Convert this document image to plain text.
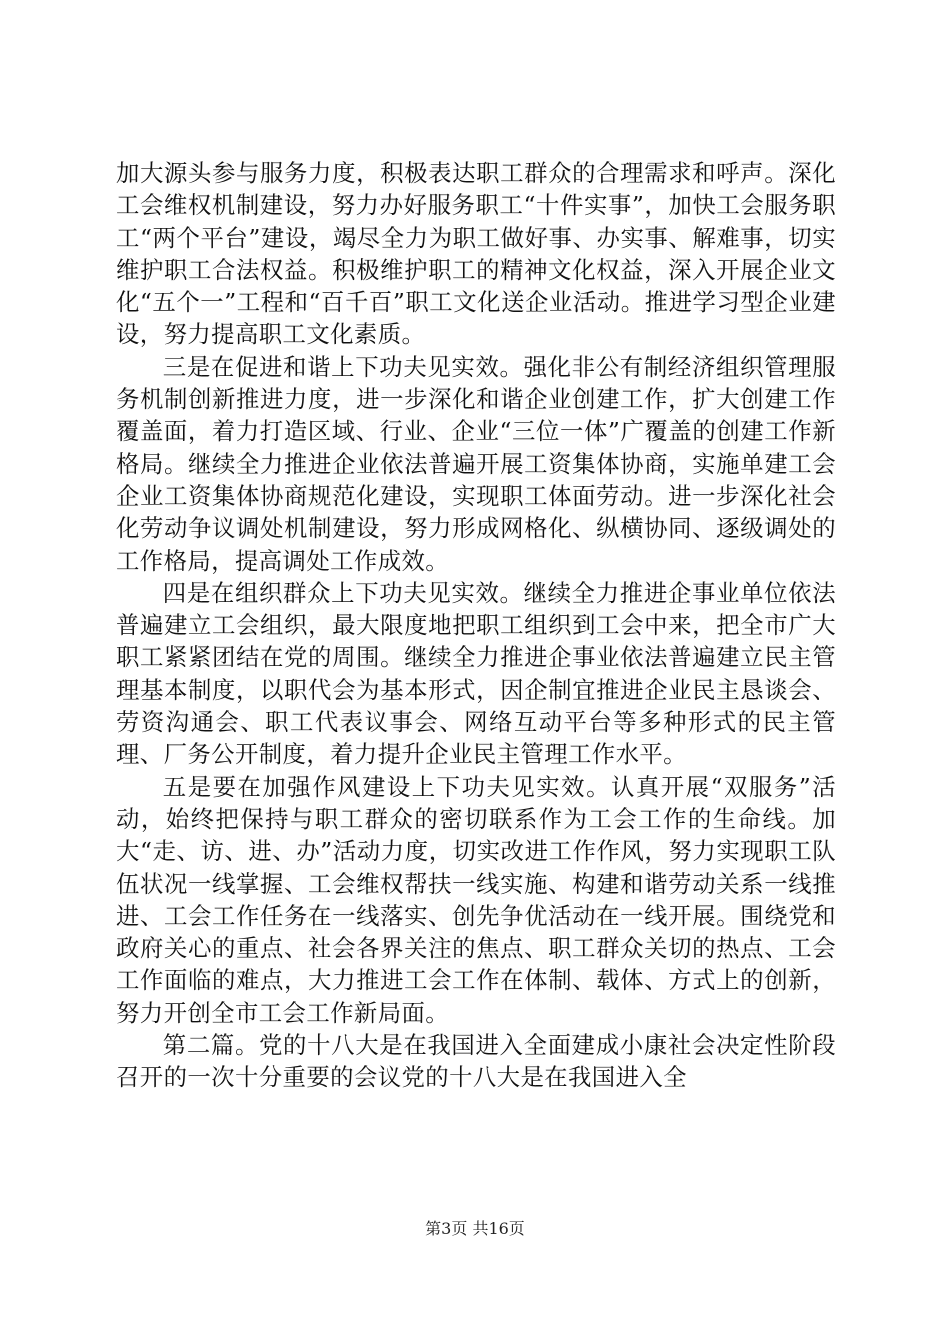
加大源头参与服务力度，积极表达职工群众的合理需求和呼声。深化工会维权机制建设，努力办好服务职工“十件实事”，加快工会服务职工“两个平台”建设，竭尽全力为职工做好事、办实事、解难事，切实维护职工合法权益。积极维护职工的精神文化权益，深入开展企业文化“五个一”工程和“百千百”职工文化送企业活动。推进学习型企业建设，努力提高职工文化素质。

三是在促进和谐上下功夫见实效。强化非公有制经济组织管理服务机制创新推进力度，进一步深化和谐企业创建工作，扩大创建工作覆盖面，着力打造区域、行业、企业“三位一体”广覆盖的创建工作新格局。继续全力推进企业依法普遍开展工资集体协商，实施单建工会企业工资集体协商规范化建设，实现职工体面劳动。进一步深化社会化劳动争议调处机制建设，努力形成网格化、纵横协同、逐级调处的工作格局，提高调处工作成效。

四是在组织群众上下功夫见实效。继续全力推进企事业单位依法普遍建立工会组织，最大限度地把职工组织到工会中来，把全市广大职工紧紧团结在党的周围。继续全力推进企事业依法普遍建立民主管理基本制度，以职代会为基本形式，因企制宜推进企业民主恳谈会、劳资沟通会、职工代表议事会、网络互动平台等多种形式的民主管理、厂务公开制度，着力提升企业民主管理工作水平。

五是要在加强作风建设上下功夫见实效。认真开展“双服务”活动，始终把保持与职工群众的密切联系作为工会工作的生命线。加大“走、访、进、办”活动力度，切实改进工作作风，努力实现职工队伍状况一线掌握、工会维权帮扶一线实施、构建和谐劳动关系一线推进、工会工作任务在一线落实、创先争优活动在一线开展。围绕党和政府关心的重点、社会各界关注的焦点、职工群众关切的热点、工会工作面临的难点，大力推进工会工作在体制、载体、方式上的创新，努力开创全市工会工作新局面。

第二篇。党的十八大是在我国进入全面建成小康社会决定性阶段召开的一次十分重要的会议党的十八大是在我国进入全

第3页 共16页
